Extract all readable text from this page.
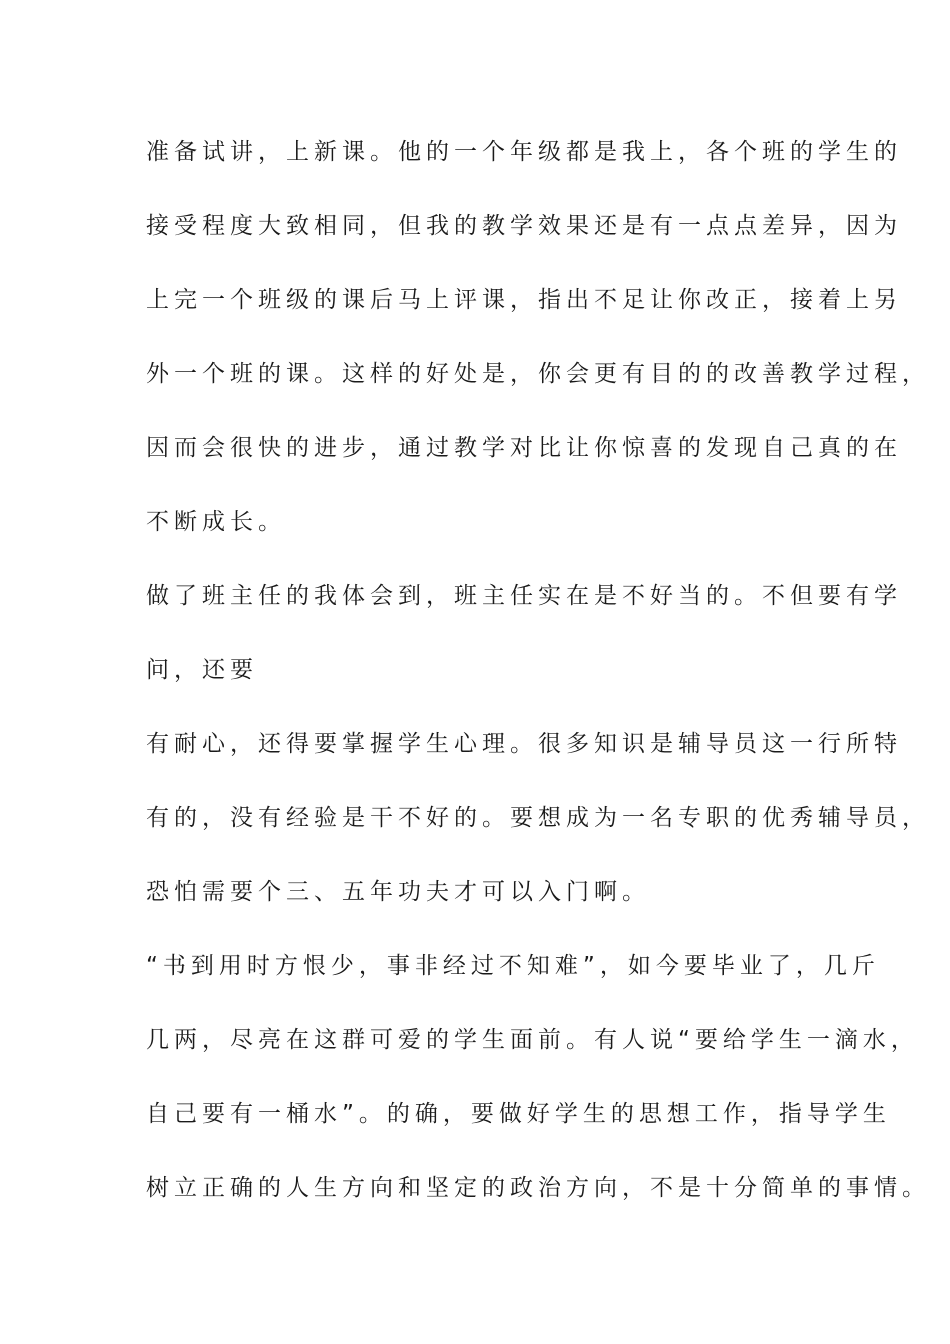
准备试讲，上新课。他的一个年级都是我上，各个班的学生的
接受程度大致相同，但我的教学效果还是有一点点差异，因为
上完一个班级的课后马上评课，指出不足让你改正，接着上另
外一个班的课。这样的好处是，你会更有目的的改善教学过程，
因而会很快的进步，通过教学对比让你惊喜的发现自己真的在
不断成长。
做了班主任的我体会到，班主任实在是不好当的。不但要有学
问，还要
有耐心，还得要掌握学生心理。很多知识是辅导员这一行所特
有的，没有经验是干不好的。要想成为一名专职的优秀辅导员，
恐怕需要个三、五年功夫才可以入门啊。
“书到用时方恨少，事非经过不知难”，如今要毕业了，几斤
几两，尽亮在这群可爱的学生面前。有人说“要给学生一滴水，
自己要有一桶水”。的确，要做好学生的思想工作，指导学生
树立正确的人生方向和坚定的政治方向，不是十分简单的事情。
